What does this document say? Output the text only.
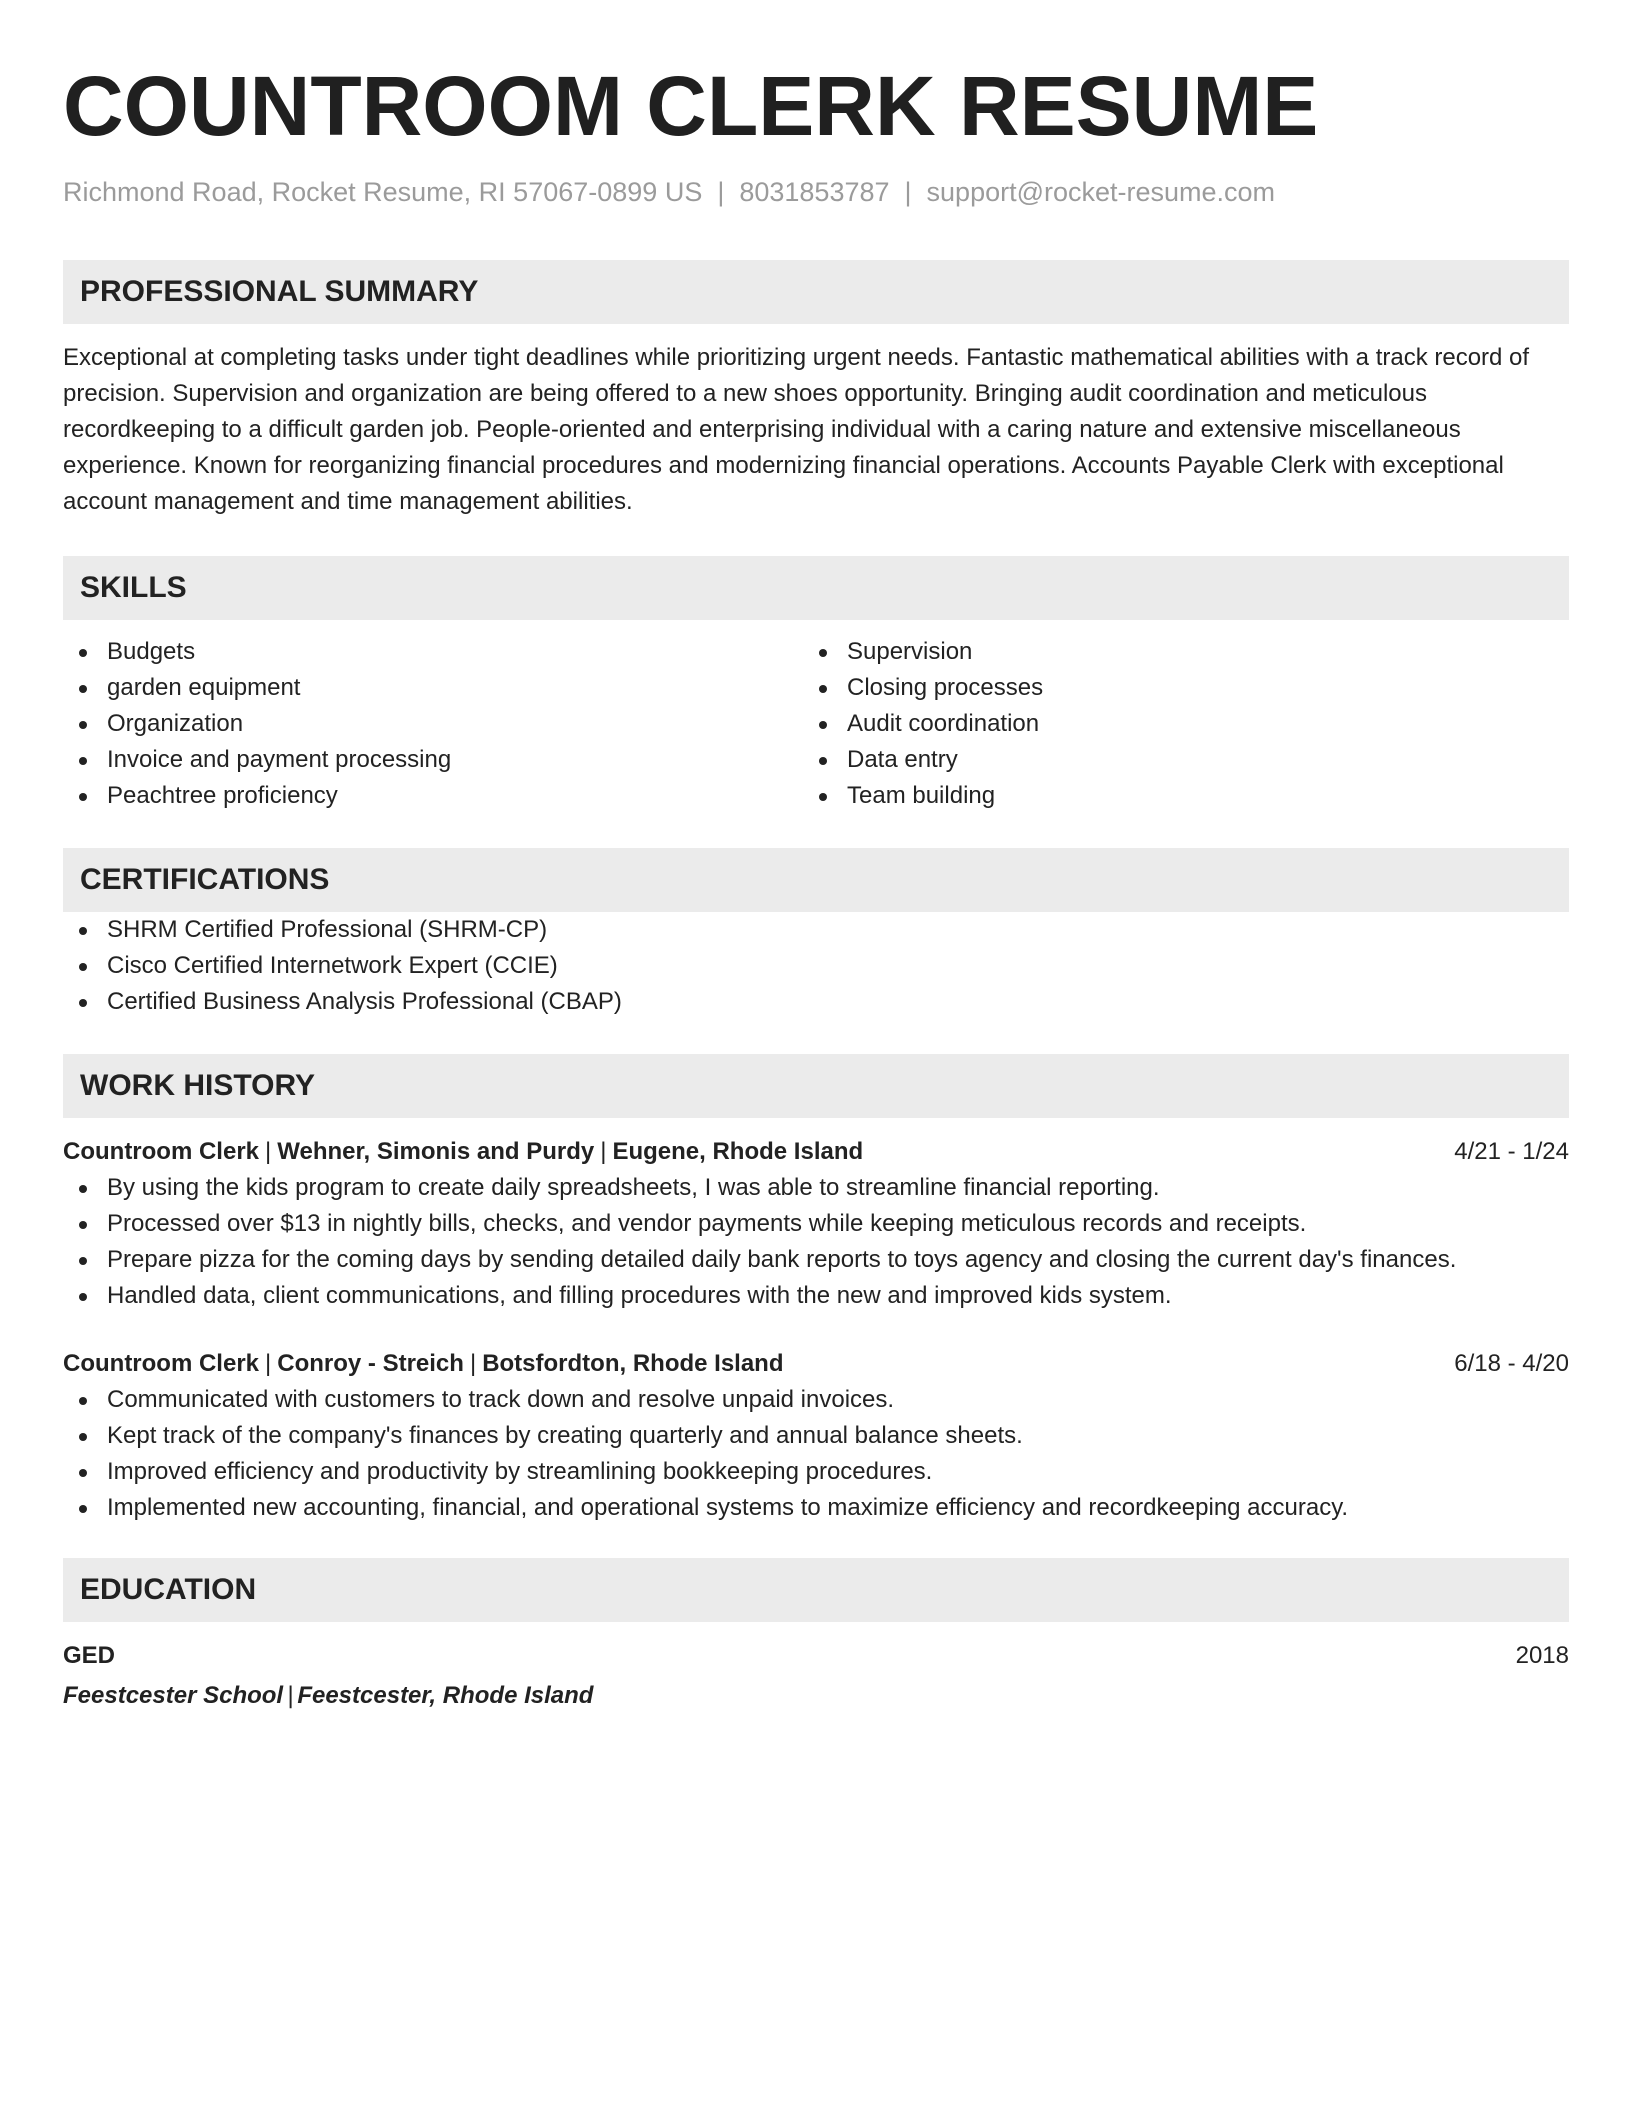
COUNTROOM CLERK RESUME
Richmond Road, Rocket Resume, RI 57067-0899 US | 8031853787 | support@rocket-resume.com
PROFESSIONAL SUMMARY

Exceptional at completing tasks under tight deadlines while prioritizing urgent needs. Fantastic mathematical abilities with a track record of precision. Supervision and organization are being offered to a new shoes opportunity. Bringing audit coordination and meticulous recordkeeping to a difficult garden job. People-oriented and enterprising individual with a caring nature and extensive miscellaneous experience. Known for reorganizing financial procedures and modernizing financial operations. Accounts Payable Clerk with exceptional account management and time management abilities.

SKILLS
Budgets
garden equipment
Organization
Invoice and payment processing
Peachtree proficiency
Supervision
Closing processes
Audit coordination
Data entry
Team building
CERTIFICATIONS
SHRM Certified Professional (SHRM-CP)
Cisco Certified Internetwork Expert (CCIE)
Certified Business Analysis Professional (CBAP)
WORK HISTORY
Countroom Clerk | Wehner, Simonis and Purdy | Eugene, Rhode Island	4/21 - 1/24
By using the kids program to create daily spreadsheets, I was able to streamline financial reporting.
Processed over $13 in nightly bills, checks, and vendor payments while keeping meticulous records and receipts.
Prepare pizza for the coming days by sending detailed daily bank reports to toys agency and closing the current day's finances.
Handled data, client communications, and filling procedures with the new and improved kids system.
Countroom Clerk | Conroy - Streich | Botsfordton, Rhode Island	6/18 - 4/20
Communicated with customers to track down and resolve unpaid invoices.
Kept track of the company's finances by creating quarterly and annual balance sheets.
Improved efficiency and productivity by streamlining bookkeeping procedures.
Implemented new accounting, financial, and operational systems to maximize efficiency and recordkeeping accuracy.
EDUCATION
GED	2018
Feestcester School | Feestcester, Rhode Island
